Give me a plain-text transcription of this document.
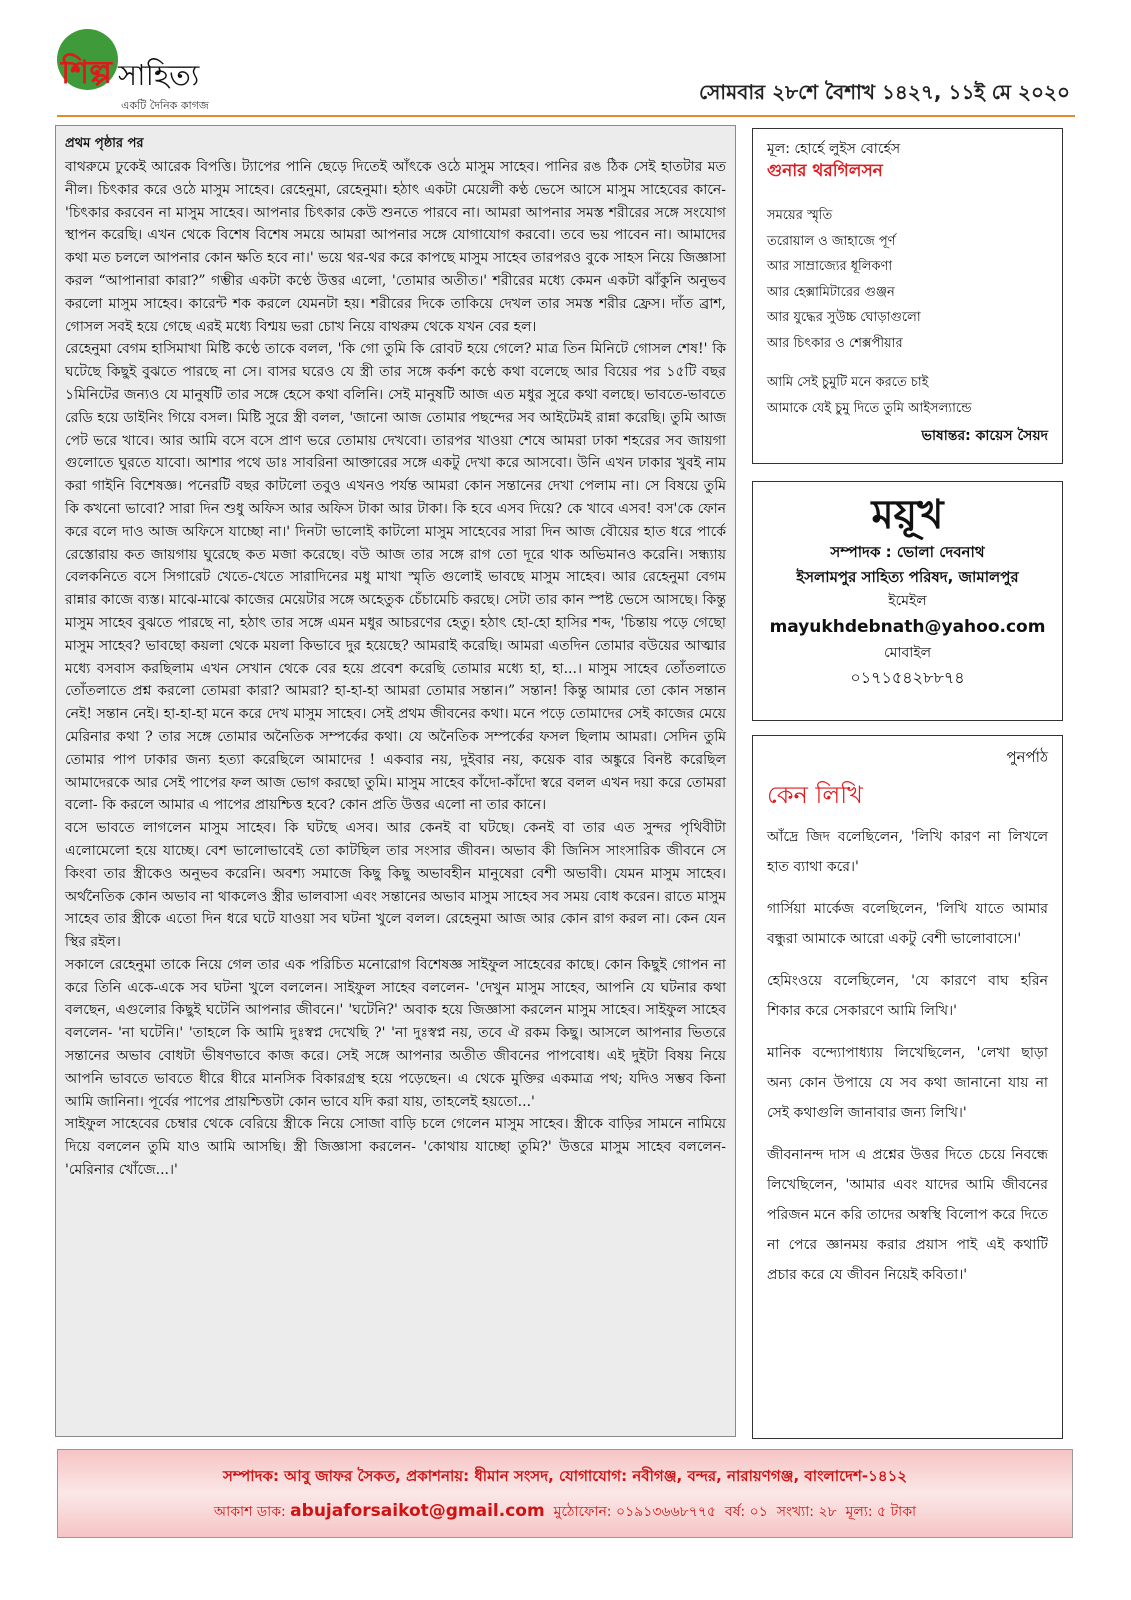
শিল্প সাহিত্য
একটি দৈনিক কাগজ
সোমবার ২৮শে বৈশাখ ১৪২৭, ১১ই মে ২০২০
প্রথম পৃষ্ঠার পর

বাথরুমে ঢুকেই আরেক বিপত্তি। ট্যাপের পানি ছেড়ে দিতেই আঁৎকে ওঠে মাসুম সাহেব। পানির রঙ ঠিক সেই হাতটার মত নীল। চিৎকার করে ওঠে মাসুম সাহেব। রেহেনুমা, রেহেনুমা। হঠাৎ একটা মেয়েলী কণ্ঠ ভেসে আসে মাসুম সাহেবের কানে-'চিৎকার করবেন না মাসুম সাহেব। আপনার চিৎকার কেউ শুনতে পারবে না। আমরা আপনার সমস্ত শরীরের সঙ্গে সংযোগ স্থাপন করেছি। এখন থেকে বিশেষ বিশেষ সময়ে আমরা আপনার সঙ্গে যোগাযোগ করবো। তবে ভয় পাবেন না। আমাদের কথা মত চললে আপনার কোন ক্ষতি হবে না।' ভয়ে থর-থর করে কাপছে মাসুম সাহেব তারপরও বুকে সাহস নিয়ে জিজ্ঞাসা করল “আপানারা কারা?” গম্ভীর একটা কণ্ঠে উত্তর এলো, 'তোমার অতীত।' শরীরের মধ্যে কেমন একটা ঝাঁকুনি অনুভব করলো মাসুম সাহেব। কারেন্ট শক করলে যেমনটা হয়। শরীরের দিকে তাকিয়ে দেখল তার সমস্ত শরীর ফ্রেস। দাঁত ব্রাশ, গোসল সবই হয়ে গেছে এরই মধ্যে বিশ্ময় ভরা চোখ নিয়ে বাথরুম থেকে যখন বের হল।

রেহেনুমা বেগম হাসিমাখা মিষ্টি কণ্ঠে তাকে বলল, 'কি গো তুমি কি রোবট হয়ে গেলে? মাত্র তিন মিনিটে গোসল শেষ!' কি ঘটেছে কিছুই বুঝতে পারছে না সে। বাসর ঘরেও যে স্ত্রী তার সঙ্গে কর্কশ কণ্ঠে কথা বলেছে আর বিয়ের পর ১৫টি বছর ১মিনিটের জন্যও যে মানুষটি তার সঙ্গে হেসে কথা বলিনি। সেই মানুষটি আজ এত মধুর সুরে কথা বলছে। ভাবতে-ভাবতে রেডি হয়ে ডাইনিং গিয়ে বসল। মিষ্টি সুরে স্ত্রী বলল, 'জানো আজ তোমার পছন্দের সব আইটেমই রান্না করেছি। তুমি আজ পেট ভরে খাবে। আর আমি বসে বসে প্রাণ ভরে তোমায় দেখবো। তারপর খাওয়া শেষে আমরা ঢাকা শহরের সব জায়গা গুলোতে ঘুরতে যাবো। আশার পথে ডাঃ সাবরিনা আক্তারের সঙ্গে একটু দেখা করে আসবো। উনি এখন ঢাকার খুবই নাম করা গাইনি বিশেষজ্ঞ। পনেরটি বছর কাটলো তবুও এখনও পর্যন্ত আমরা কোন সন্তানের দেখা পেলাম না। সে বিষয়ে তুমি কি কখনো ভাবো? সারা দিন শুধু অফিস আর অফিস টাকা আর টাকা। কি হবে এসব দিয়ে? কে খাবে এসব! বস'কে ফোন করে বলে দাও আজ অফিসে যাচ্ছো না।' দিনটা ভালোই কাটলো মাসুম সাহেবের সারা দিন আজ বৌয়ের হাত ধরে পার্কে রেস্তোরায় কত জায়গায় ঘুরেছে কত মজা করেছে। বউ আজ তার সঙ্গে রাগ তো দূরে থাক অভিমানও করেনি। সন্ধ্যায় বেলকনিতে বসে সিগারেট খেতে-খেতে সারাদিনের মধু মাখা স্মৃতি গুলোই ভাবছে মাসুম সাহেব। আর রেহেনুমা বেগম রান্নার কাজে ব্যস্ত। মাঝে-মাঝে কাজের মেয়েটার সঙ্গে অহেতুক চেঁচামেচি করছে। সেটা তার কান স্পষ্ট ভেসে আসছে। কিন্তু মাসুম সাহেব বুঝতে পারছে না, হঠাৎ তার সঙ্গে এমন মধুর আচরণের হেতু। হঠাৎ হো-হো হাসির শব্দ, 'চিন্তায় পড়ে গেছো মাসুম সাহেব? ভাবছো কয়লা থেকে ময়লা কিভাবে দুর হয়েছে? আমরাই করেছি। আমরা এতদিন তোমার বউয়ের আত্মার মধ্যে বসবাস করছিলাম এখন সেখান থেকে বের হয়ে প্রবেশ করেছি তোমার মধ্যে হা, হা...। মাসুম সাহেব তোঁতলাতে তোঁতলাতে প্রশ্ন করলো তোমরা কারা? আমরা? হা-হা-হা আমরা তোমার সন্তান।” সন্তান! কিন্তু আমার তো কোন সন্তান নেই! সন্তান নেই। হা-হা-হা মনে করে দেখ মাসুম সাহেব। সেই প্রথম জীবনের কথা। মনে পড়ে তোমাদের সেই কাজের মেয়ে মেরিনার কথা ? তার সঙ্গে তোমার অনৈতিক সম্পর্কের কথা। যে অনৈতিক সম্পর্কের ফসল ছিলাম আমরা। সেদিন তুমি তোমার পাপ ঢাকার জন্য হত্যা করেছিলে আমাদের ! একবার নয়, দুইবার নয়, কয়েক বার অঙ্কুরে বিনষ্ট করেছিল আমাদেরকে আর সেই পাপের ফল আজ ভোগ করছো তুমি। মাসুম সাহেব কাঁদো-কাঁদো স্বরে বলল এখন দয়া করে তোমরা বলো- কি করলে আমার এ পাপের প্রায়শ্চিত্ত হবে? কোন প্রতি উত্তর এলো না তার কানে।

বসে ভাবতে লাগলেন মাসুম সাহেব। কি ঘটছে এসব। আর কেনই বা ঘটছে। কেনই বা তার এত সুন্দর পৃথিবীটা এলোমেলো হয়ে যাচ্ছে। বেশ ভালোভাবেই তো কাটছিল তার সংসার জীবন। অভাব কী জিনিস সাংসারিক জীবনে সে কিংবা তার স্ত্রীকেও অনুভব করেনি। অবশ্য সমাজে কিছু কিছু অভাবহীন মানুষেরা বেশী অভাবী। যেমন মাসুম সাহেব। অর্থনৈতিক কোন অভাব না থাকলেও স্ত্রীর ভালবাসা এবং সন্তানের অভাব মাসুম সাহেব সব সময় বোধ করেন। রাতে মাসুম সাহেব তার স্ত্রীকে এতো দিন ধরে ঘটে যাওয়া সব ঘটনা খুলে বলল। রেহেনুমা আজ আর কোন রাগ করল না। কেন যেন স্থির রইল।

সকালে রেহেনুমা তাকে নিয়ে গেল তার এক পরিচিত মনোরোগ বিশেষজ্ঞ সাইফুল সাহেবের কাছে। কোন কিছুই গোপন না করে তিনি একে-একে সব ঘটনা খুলে বললেন। সাইফুল সাহেব বললেন- 'দেখুন মাসুম সাহেব, আপনি যে ঘটনার কথা বলছেন, এগুলোর কিছুই ঘটেনি আপনার জীবনে।' 'ঘটেনি?' অবাক হয়ে জিজ্ঞাসা করলেন মাসুম সাহেব। সাইফুল সাহেব বললেন- 'না ঘটেনি।' 'তাহলে কি আমি দুঃস্বপ্ন দেখেছি ?' 'না দুঃস্বপ্ন নয়, তবে ঐ রকম কিছু। আসলে আপনার ভিতরে সন্তানের অভাব বোধটা ভীষণভাবে কাজ করে। সেই সঙ্গে আপনার অতীত জীবনের পাপবোধ। এই দুইটা বিষয় নিয়ে আপনি ভাবতে ভাবতে ধীরে ধীরে মানসিক বিকারগ্রস্থ হয়ে পড়েছেন। এ থেকে মুক্তির একমাত্র পথ; যদিও সম্ভব কিনা আমি জানিনা। পূর্বের পাপের প্রায়শ্চিত্তটা কোন ভাবে যদি করা যায়, তাহলেই হয়তো...'

সাইফুল সাহেবের চেম্বার থেকে বেরিয়ে স্ত্রীকে নিয়ে সোজা বাড়ি চলে গেলেন মাসুম সাহেব। স্ত্রীকে বাড়ির সামনে নামিয়ে দিয়ে বললেন তুমি যাও আমি আসছি। স্ত্রী জিজ্ঞাসা করলেন- 'কোথায় যাচ্ছো তুমি?' উত্তরে মাসুম সাহেব বললেন- 'মেরিনার খোঁজে...।'

মূল: হোর্হে লুইস বোর্হেস
গুনার থরগিলসন
সময়ের স্মৃতি
তরোয়াল ও জাহাজে পূর্ণ
আর সাম্রাজ্যের ধূলিকণা
আর হেক্সামিটারের গুঞ্জন
আর যুদ্ধের সুউচ্চ ঘোড়াগুলো
আর চিৎকার ও শেক্সপীয়ার
আমি সেই চুমুটি মনে করতে চাই
আমাকে যেই চুমু দিতে তুমি আইসল্যান্ডে
ভাষান্তর: কায়েস সৈয়দ
ময়ূখ
সম্পাদক : ভোলা দেবনাথ
ইসলামপুর সাহিত্য পরিষদ, জামালপুর
ইমেইল
mayukhdebnath@yahoo.com
মোবাইল
০১৭১৫৪২৮৮৭৪
পুনর্পাঠ
কেন লিখি

আঁদ্রে জিদ বলেছিলেন, 'লিখি কারণ না লিখলে হাত ব্যাথা করে।'

গার্সিয়া মার্কেজ বলেছিলেন, 'লিখি যাতে আমার বন্ধুরা আমাকে আরো একটু বেশী ভালোবাসে।'

হেমিংওয়ে বলেছিলেন, 'যে কারণে বাঘ হরিন শিকার করে সেকারণে আমি লিখি।'

মানিক বন্দ্যোপাধ্যায় লিখেছিলেন, 'লেখা ছাড়া অন্য কোন উপায়ে যে সব কথা জানানো যায় না সেই কথাগুলি জানাবার জন্য লিখি।'

জীবনানন্দ দাস এ প্রশ্নের উত্তর দিতে চেয়ে নিবন্ধে লিখেছিলেন, 'আমার এবং যাদের আমি জীবনের পরিজন মনে করি তাদের অস্বস্থি বিলোপ করে দিতে না পেরে জ্ঞানময় করার প্রয়াস পাই এই কথাটি প্রচার করে যে জীবন নিয়েই কবিতা।'

সম্পাদক: আবু জাফর সৈকত, প্রকাশনায়: ধীমান সংসদ, যোগাযোগ: নবীগঞ্জ, বন্দর, নারায়ণগঞ্জ, বাংলাদেশ-১৪১২
আকাশ ডাক: abujaforsaikot@gmail.com মুঠোফোন: ০১৯১৩৬৬৮৭৭৫ বর্ষ: ০১ সংখ্যা: ২৮ মূল্য: ৫ টাকা
